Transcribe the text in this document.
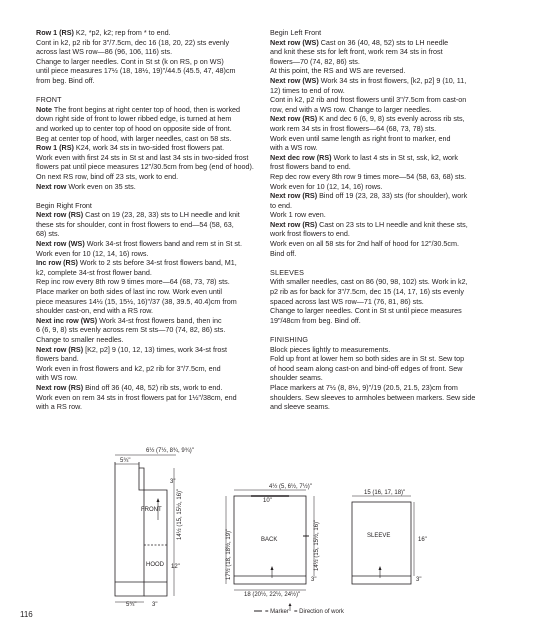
Row 1 (RS) K2, *p2, k2; rep from * to end.

Cont in k2, p2 rib for 3"/7.5cm, dec 16 (18, 20, 22) sts evenly

across last WS row—86 (96, 106, 116) sts.

Change to larger needles. Cont in St st (k on RS, p on WS)

until piece measures 17½ (18, 18½, 19)"/44.5 (45.5, 47, 48)cm

from beg. Bind off.

FRONT

Note The front begins at right center top of hood, then is worked

down right side of front to lower ribbed edge, is turned at hem

and worked up to center top of hood on opposite side of front.

Beg at center top of hood, with larger needles, cast on 58 sts.

Row 1 (RS) K24, work 34 sts in two-sided frost flowers pat.

Work even with first 24 sts in St st and last 34 sts in two-sided frost

flowers pat until piece measures 12"/30.5cm from beg (end of hood).

On next RS row, bind off 23 sts, work to end.

Next row Work even on 35 sts.

Begin Right Front

Next row (RS) Cast on 19 (23, 28, 33) sts to LH needle and knit

these sts for shoulder, cont in frost flowers to end—54 (58, 63,

68) sts.

Next row (WS) Work 34-st frost flowers band and rem st in St st.

Work even for 10 (12, 14, 16) rows.

Inc row (RS) Work to 2 sts before 34-st frost flowers band, M1,

k2, complete 34-st frost flower band.

Rep inc row every 8th row 9 times more—64 (68, 73, 78) sts.

Place marker on both sides of last inc row. Work even until

piece measures 14½ (15, 15½, 16)"/37 (38, 39.5, 40.4)cm from

shoulder cast-on, end with a RS row.

Next inc row (WS) Work 34-st frost flowers band, then inc

6 (6, 9, 8) sts evenly across rem St sts—70 (74, 82, 86) sts.

Change to smaller needles.

Next row (RS) [K2, p2] 9 (10, 12, 13) times, work 34-st frost

flowers band.

Work even in frost flowers and k2, p2 rib for 3"/7.5cm, end

with WS row.

Next row (RS) Bind off 36 (40, 48, 52) rib sts, work to end.

Work even on rem 34 sts in frost flowers pat for 1½"/38cm, end

with a RS row.

Begin Left Front

Next row (WS) Cast on 36 (40, 48, 52) sts to LH needle

and knit these sts for left front, work rem 34 sts in frost

flowers—70 (74, 82, 86) sts.

At this point, the RS and WS are reversed.

Next row (WS) Work 34 sts in frost flowers, [k2, p2] 9 (10, 11,

12) times to end of row.

Cont in k2, p2 rib and frost flowers until 3"/7.5cm from cast-on

row, end with a WS row. Change to larger needles.

Next row (RS) K and dec 6 (6, 9, 8) sts evenly across rib sts,

work rem 34 sts in frost flowers—64 (68, 73, 78) sts.

Work even until same length as right front to marker, end

with a WS row.

Next dec row (RS) Work to last 4 sts in St st, ssk, k2, work

frost flowers band to end.

Rep dec row every 8th row 9 times more—54 (58, 63, 68) sts.

Work even for 10 (12, 14, 16) rows.

Next row (RS) Bind off 19 (23, 28, 33) sts (for shoulder), work

to end.

Work 1 row even.

Next row (RS) Cast on 23 sts to LH needle and knit these sts,

work frost flowers to end.

Work even on all 58 sts for 2nd half of hood for 12"/30.5cm.

Bind off.

SLEEVES

With smaller needles, cast on 86 (90, 98, 102) sts. Work in k2,

p2 rib as for back for 3"/7.5cm, dec 15 (14, 17, 16) sts evenly

spaced across last WS row—71 (76, 81, 86) sts.

Change to larger needles. Cont in St st until piece measures

19"/48cm from beg. Bind off.

FINISHING

Block pieces lightly to measurements.

Fold up front at lower hem so both sides are in St st. Sew top

of hood seam along cast-on and bind-off edges of front. Sew

shoulder seams.

Place markers at 7½ (8, 8½, 9)"/19 (20.5, 21.5, 23)cm from

shoulders. Sew sleeves to armholes between markers. Sew side

and sleeve seams.

6½ (7½, 8¾, 9¾)"
5¾"
3"
FRONT
HOOD 12"
5¾"	3"
14½ (15, 15½, 16)"
4½ (5, 6½, 7½)"
10"
BACK
17½ (18, 18½, 19)"	14½ (15, 15½, 16)"
3"
18 (20½, 22½, 24½)"
15 (16, 17, 18)"
SLEEVE
16"
3"
= Marker = Direction of work
116
